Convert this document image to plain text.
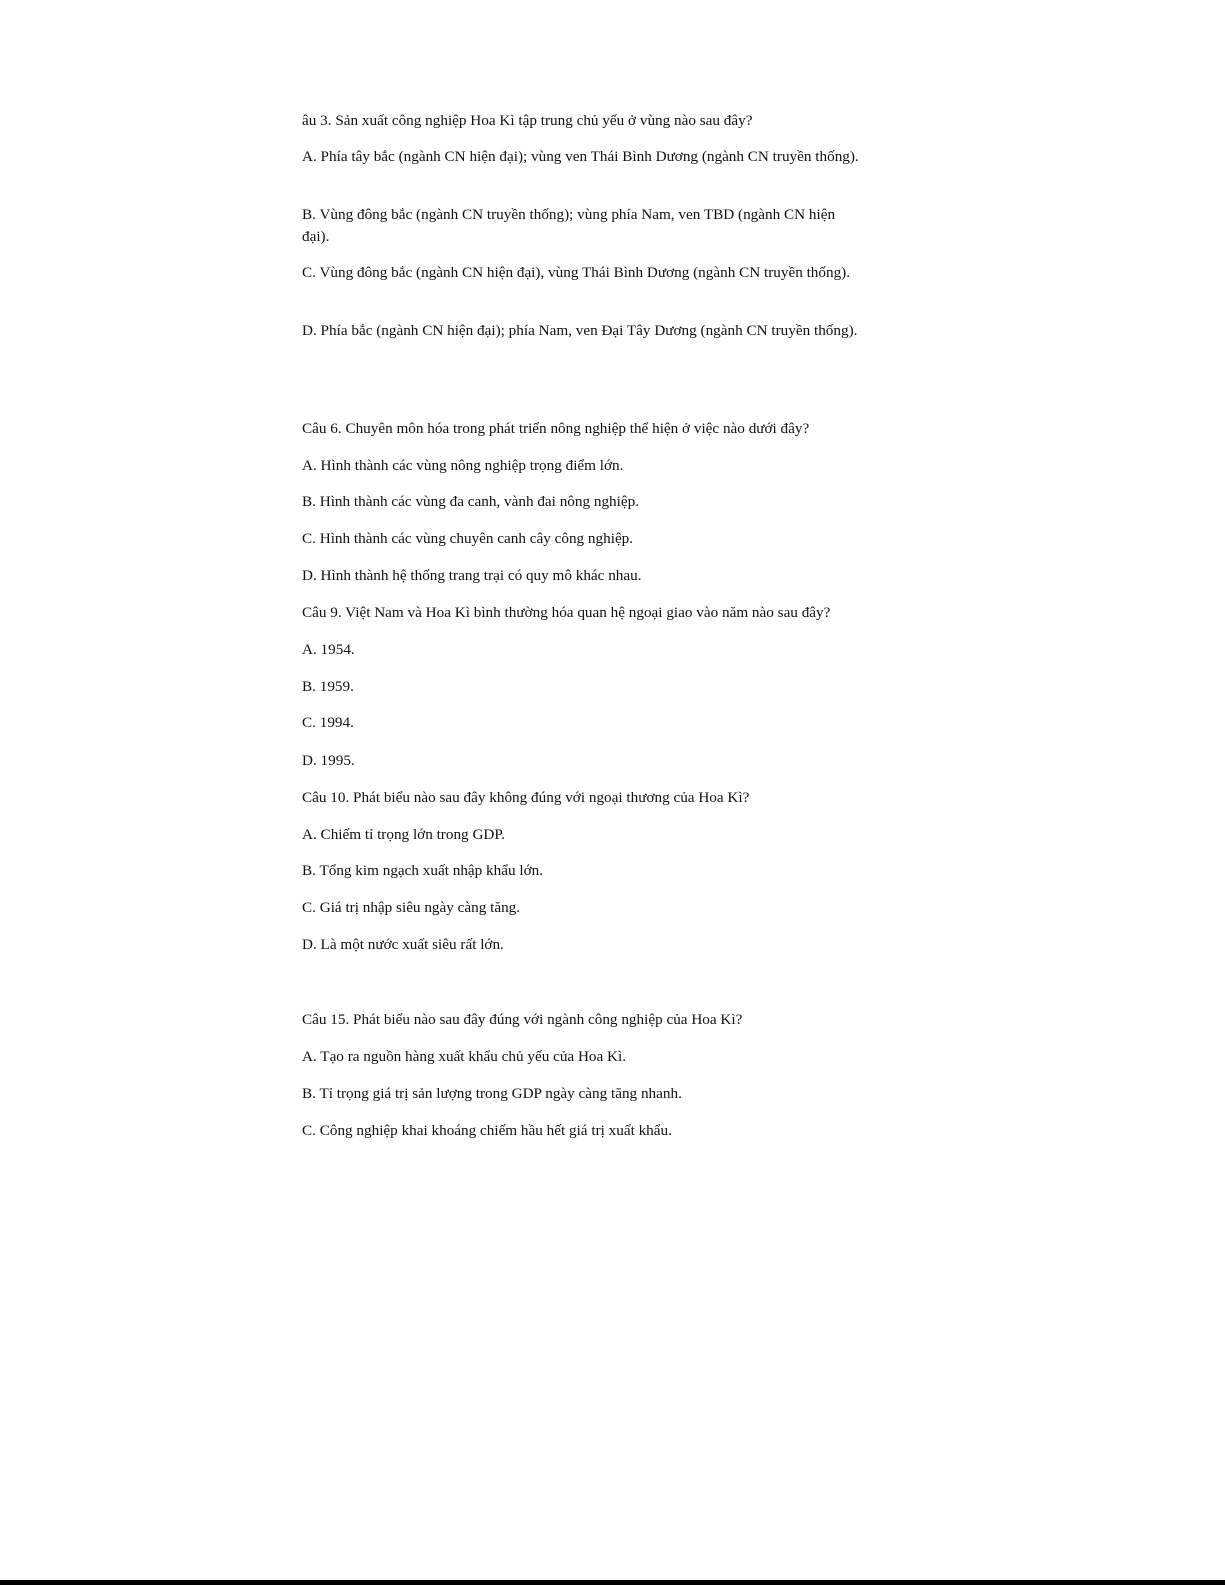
âu 3. Sản xuất công nghiệp Hoa Kì tập trung chủ yếu ở vùng nào sau đây?
A. Phía tây bắc (ngành CN hiện đại); vùng ven Thái Bình Dương (ngành CN truyền thống).
B. Vùng đông bắc (ngành CN truyền thống); vùng phía Nam, ven TBD (ngành CN hiện đại).
C. Vùng đông bắc (ngành CN hiện đại), vùng Thái Bình Dương (ngành CN truyền thống).
D. Phía bắc (ngành CN hiện đại); phía Nam, ven Đại Tây Dương (ngành CN truyền thống).
Câu 6. Chuyên môn hóa trong phát triển nông nghiệp thể hiện ở việc nào dưới đây?
A. Hình thành các vùng nông nghiệp trọng điểm lớn.
B. Hình thành các vùng đa canh, vành đai nông nghiệp.
C. Hình thành các vùng chuyên canh cây công nghiệp.
D. Hình thành hệ thống trang trại có quy mô khác nhau.
Câu 9. Việt Nam và Hoa Kì bình thường hóa quan hệ ngoại giao vào năm nào sau đây?
A. 1954.
B. 1959.
C. 1994.
D. 1995.
Câu 10. Phát biểu nào sau đây không đúng với ngoại thương của Hoa Kì?
A. Chiếm tỉ trọng lớn trong GDP.
B. Tổng kim ngạch xuất nhập khẩu lớn.
C. Giá trị nhập siêu ngày càng tăng.
D. Là một nước xuất siêu rất lớn.
Câu 15. Phát biểu nào sau đây đúng với ngành công nghiệp của Hoa Kì?
A. Tạo ra nguồn hàng xuất khẩu chủ yếu của Hoa Kì.
B. Tỉ trọng giá trị sản lượng trong GDP ngày càng tăng nhanh.
C. Công nghiệp khai khoáng chiếm hầu hết giá trị xuất khẩu.
